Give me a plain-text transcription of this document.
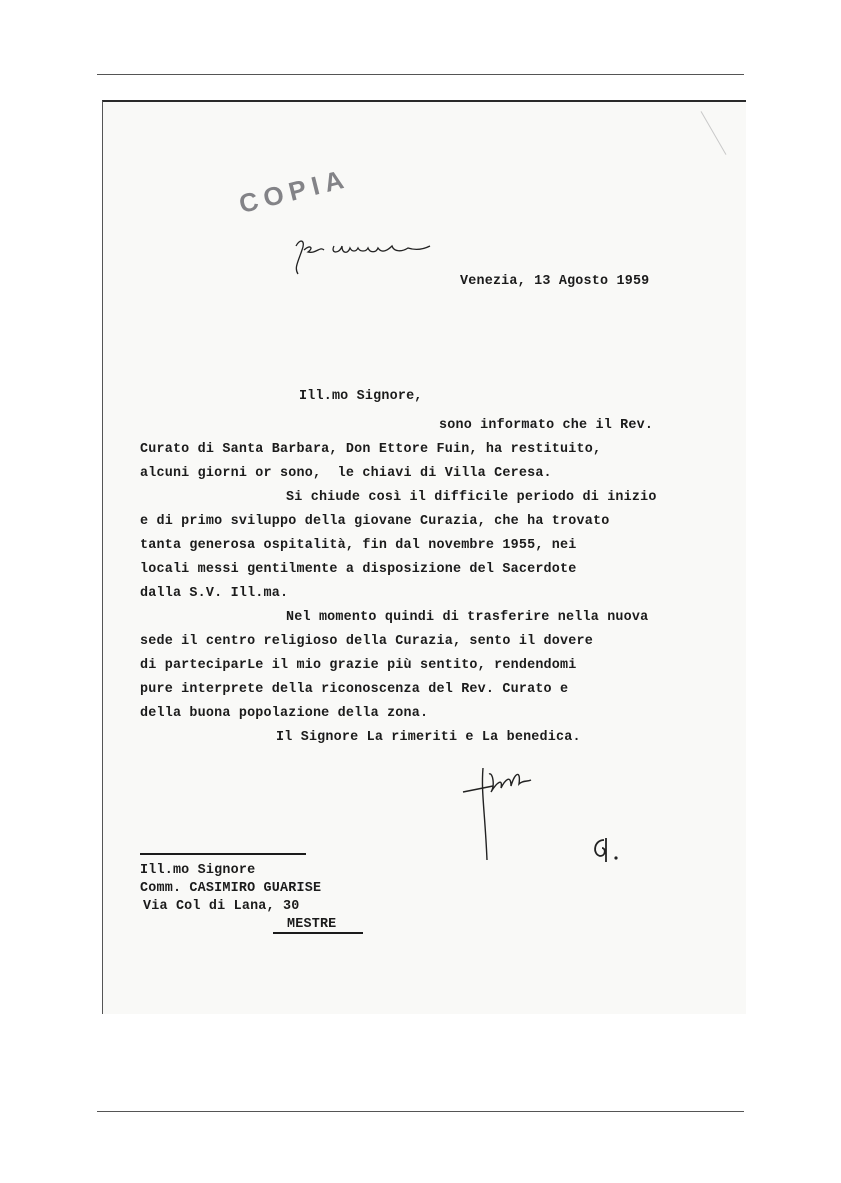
COPIA
Venezia, 13 Agosto 1959
Ill.mo Signore,
sono informato che il Rev.
Curato di Santa Barbara, Don Ettore Fuin, ha restituito,
alcuni giorni or sono,  le chiavi di Villa Ceresa.
Si chiude così il difficile periodo di inizio
e di primo sviluppo della giovane Curazia, che ha trovato
tanta generosa ospitalità, fin dal novembre 1955, nei
locali messi gentilmente a disposizione del Sacerdote
dalla S.V. Ill.ma.
Nel momento quindi di trasferire nella nuova
sede il centro religioso della Curazia, sento il dovere
di parteciparLe il mio grazie più sentito, rendendomi
pure interprete della riconoscenza del Rev. Curato e
della buona popolazione della zona.
Il Signore La rimeriti e La benedica.
Ill.mo Signore
Comm. CASIMIRO GUARISE
Via Col di Lana, 30
MESTRE
